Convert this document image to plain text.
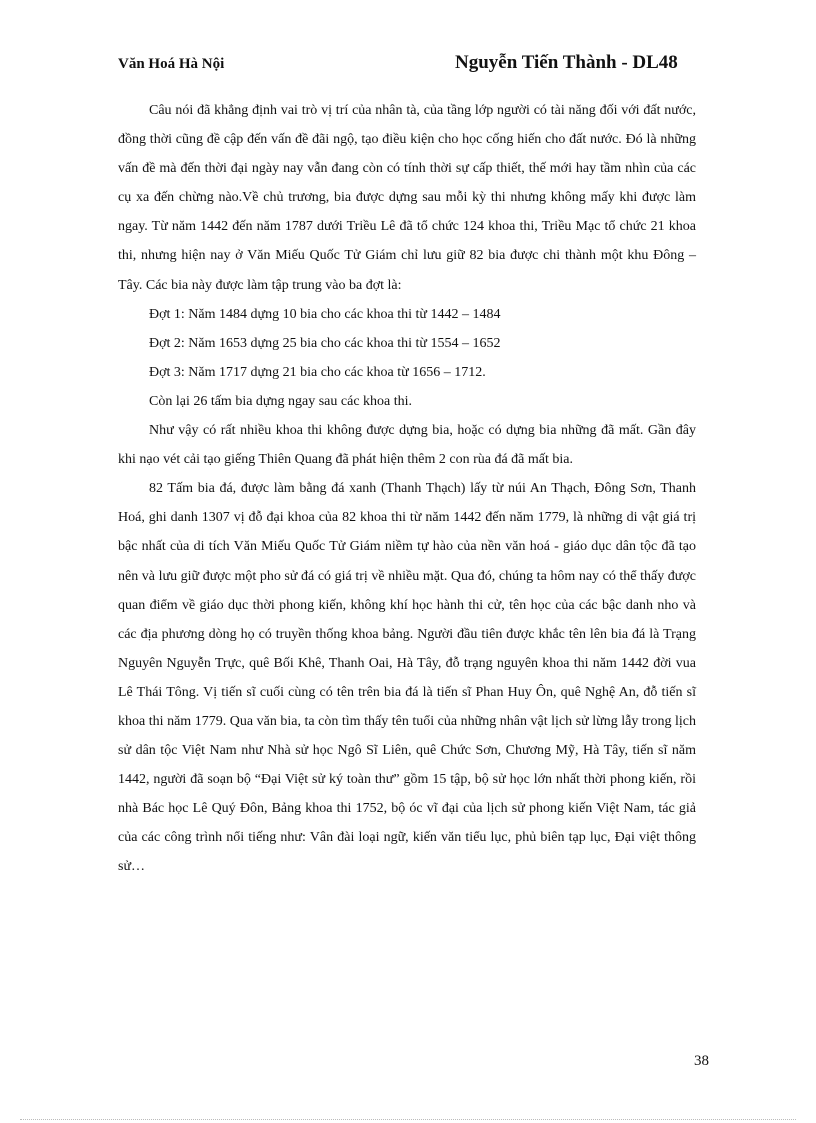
Văn Hoá Hà Nội	Nguyễn Tiến Thành - DL48

Câu nói đã khẳng định vai trò vị trí của nhân tà, của tầng lớp người có tài năng đối với đất nước, đồng thời cũng đề cập đến vấn đề đãi ngộ, tạo điều kiện cho học cống hiến cho đất nước. Đó là những vấn đề mà đến thời đại ngày nay vẫn đang còn có tính thời sự cấp thiết, thế mới hay tầm nhìn của các cụ xa đến chừng nào.Về chủ trương, bia được dựng sau mỗi kỳ thi nhưng không mấy khi được làm ngay. Từ năm 1442 đến năm 1787 dưới Triều Lê đã tổ chức 124 khoa thi, Triều Mạc tổ chức 21 khoa thi, nhưng hiện nay ở Văn Miếu Quốc Tử Giám chỉ lưu giữ 82 bia được chi thành một khu Đông – Tây. Các bia này được làm tập trung vào ba đợt là:

Đợt 1: Năm 1484 dựng 10 bia cho các khoa thi từ 1442 – 1484

Đợt 2: Năm 1653 dựng 25 bia cho các khoa thi từ 1554 – 1652

Đợt 3: Năm 1717 dựng 21 bia cho các khoa từ 1656 – 1712.

Còn lại 26 tấm bia dựng ngay sau các khoa thi.

Như vậy có rất nhiều khoa thi không được dựng bia, hoặc có dựng bia những đã mất. Gần đây khi nạo vét cải tạo giếng Thiên Quang đã phát hiện thêm 2 con rùa đá đã mất bia.

82 Tấm bia đá, được làm bằng đá xanh (Thanh Thạch) lấy từ núi An Thạch, Đông Sơn, Thanh Hoá, ghi danh 1307 vị đỗ đại khoa của 82 khoa thi từ năm 1442 đến năm 1779, là những di vật giá trị bậc nhất của di tích Văn Miếu Quốc Tử Giám niềm tự hào của nền văn hoá - giáo dục dân tộc đã tạo nên và lưu giữ được một pho sử đá có giá trị về nhiều mặt. Qua đó, chúng ta hôm nay có thể thấy được quan điểm về giáo dục thời phong kiến, không khí học hành thi cử, tên học của các bậc danh nho và các địa phương dòng họ có truyền thống khoa bảng. Người đầu tiên được khắc tên lên bia đá là Trạng Nguyên Nguyễn Trực, quê Bối Khê, Thanh Oai, Hà Tây, đỗ trạng nguyên khoa thi năm 1442 đời vua Lê Thái Tông. Vị tiến sĩ cuối cùng có tên trên bia đá là tiến sĩ Phan Huy Ôn, quê Nghệ An, đỗ tiến sĩ khoa thi năm 1779. Qua văn bia, ta còn tìm thấy tên tuổi của những nhân vật lịch sử lừng lẫy trong lịch sử dân tộc Việt Nam như Nhà sử học Ngô Sĩ Liên, quê Chức Sơn, Chương Mỹ, Hà Tây, tiến sĩ năm 1442, người đã soạn bộ “Đại Việt sử ký toàn thư” gồm 15 tập, bộ sử học lớn nhất thời phong kiến, rồi nhà Bác học Lê Quý Đôn, Bảng khoa thi 1752, bộ óc vĩ đại của lịch sử phong kiến Việt Nam, tác giả của các công trình nổi tiếng như: Vân đài loại ngữ, kiến văn tiểu lục, phủ biên tạp lục, Đại việt thông sử…

38
